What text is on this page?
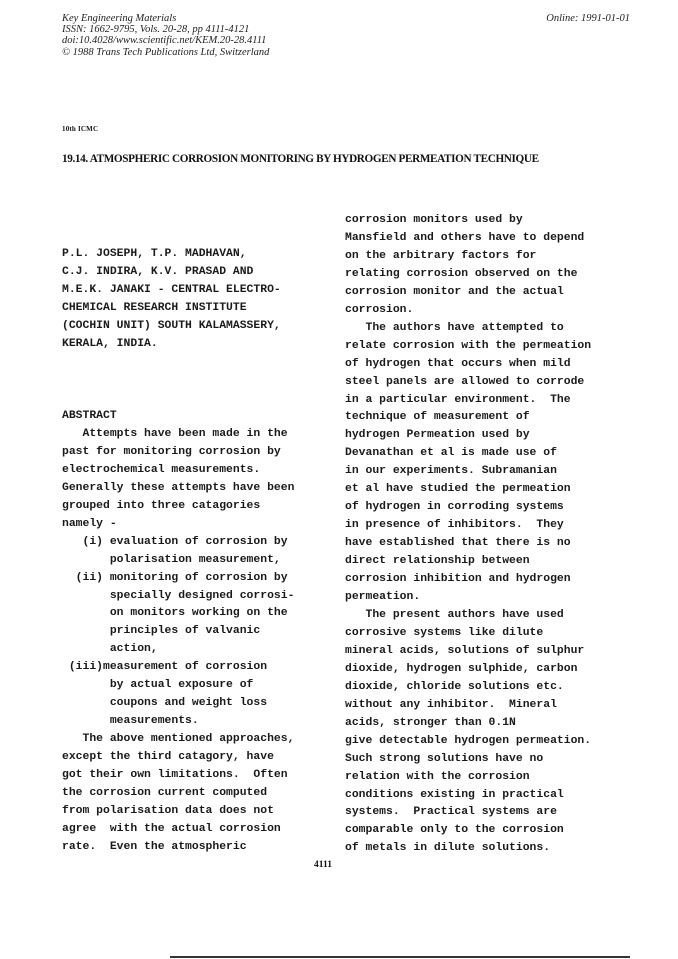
Key Engineering Materials
ISSN: 1662-9795, Vols. 20-28, pp 4111-4121
doi:10.4028/www.scientific.net/KEM.20-28.4111
© 1988 Trans Tech Publications Ltd, Switzerland
Online: 1991-01-01
10th ICMC
19.14. ATMOSPHERIC CORROSION MONITORING BY HYDROGEN PERMEATION TECHNIQUE
P.L. JOSEPH, T.P. MADHAVAN,
C.J. INDIRA, K.V. PRASAD AND
M.E.K. JANAKI - CENTRAL ELECTRO-
CHEMICAL RESEARCH INSTITUTE
(COCHIN UNIT) SOUTH KALAMASSERY,
KERALA, INDIA.
ABSTRACT
Attempts have been made in the
past for monitoring corrosion by
electrochemical measurements.
Generally these attempts have been
grouped into three catagories
namely -
(i) evaluation of corrosion by
polarisation measurement,
(ii) monitoring of corrosion by
specially designed corrosi-
on monitors working on the
principles of valvanic
action,
(iii)measurement of corrosion
by actual exposure of
coupons and weight loss
measurements.
The above mentioned approaches,
except the third catagory, have
got their own limitations.  Often
the corrosion current computed
from polarisation data does not
agree  with the actual corrosion
rate.  Even the atmospheric
corrosion monitors used by
Mansfield and others have to depend
on the arbitrary factors for
relating corrosion observed on the
corrosion monitor and the actual
corrosion.
The authors have attempted to
relate corrosion with the permeation
of hydrogen that occurs when mild
steel panels are allowed to corrode
in a particular environment.  The
technique of measurement of
hydrogen Permeation used by
Devanathan et al is made use of
in our experiments. Subramanian
et al have studied the permeation
of hydrogen in corroding systems
in presence of inhibitors.  They
have established that there is no
direct relationship between
corrosion inhibition and hydrogen
permeation.
The present authors have used
corrosive systems like dilute
mineral acids, solutions of sulphur
dioxide, hydrogen sulphide, carbon
dioxide, chloride solutions etc.
without any inhibitor.  Mineral
acids, stronger than 0.1N
give detectable hydrogen permeation.
Such strong solutions have no
relation with the corrosion
conditions existing in practical
systems.  Practical systems are
comparable only to the corrosion
of metals in dilute solutions.
4111
